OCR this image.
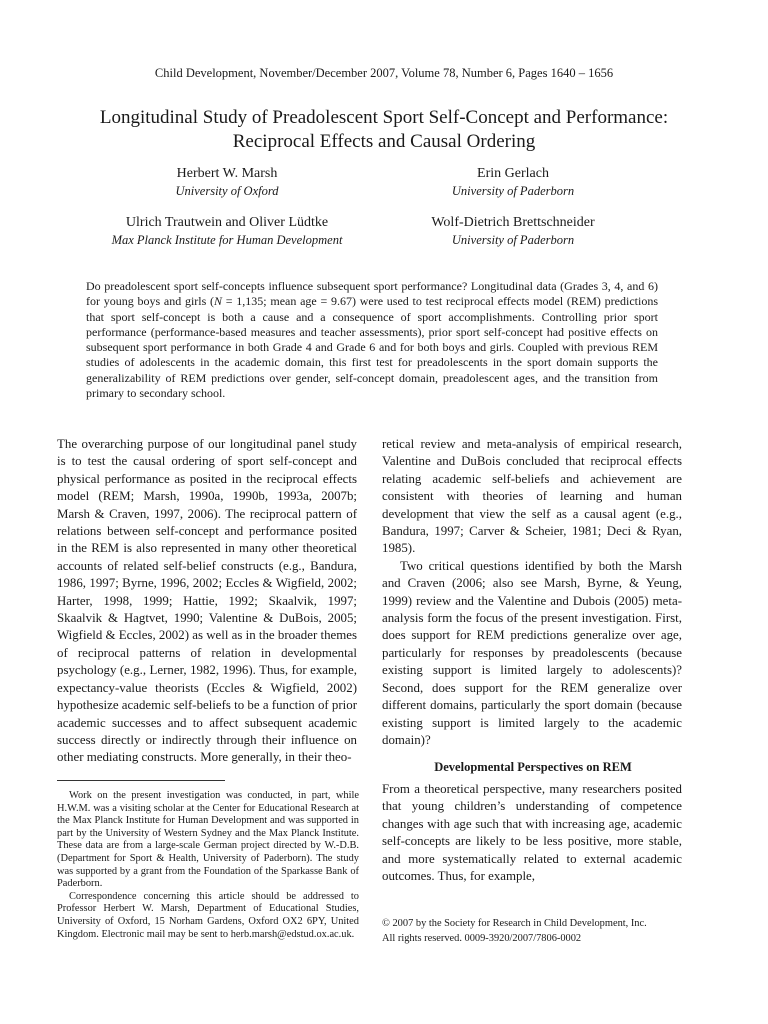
Child Development, November/December 2007, Volume 78, Number 6, Pages 1640 – 1656
Longitudinal Study of Preadolescent Sport Self-Concept and Performance:
Reciprocal Effects and Causal Ordering
Herbert W. Marsh
University of Oxford
Erin Gerlach
University of Paderborn
Ulrich Trautwein and Oliver Lüdtke
Max Planck Institute for Human Development
Wolf-Dietrich Brettschneider
University of Paderborn
Do preadolescent sport self-concepts influence subsequent sport performance? Longitudinal data (Grades 3, 4, and 6) for young boys and girls (N = 1,135; mean age = 9.67) were used to test reciprocal effects model (REM) predictions that sport self-concept is both a cause and a consequence of sport accomplishments. Controlling prior sport performance (performance-based measures and teacher assessments), prior sport self-concept had positive effects on subsequent sport performance in both Grade 4 and Grade 6 and for both boys and girls. Coupled with previous REM studies of adolescents in the academic domain, this first test for preadolescents in the sport domain supports the generalizability of REM predictions over gender, self-concept domain, preadolescent ages, and the transition from primary to secondary school.

The overarching purpose of our longitudinal panel study is to test the causal ordering of sport self-concept and physical performance as posited in the reciprocal effects model (REM; Marsh, 1990a, 1990b, 1993a, 2007b; Marsh & Craven, 1997, 2006). The reciprocal pattern of relations between self-concept and performance posited in the REM is also represented in many other theoretical accounts of related self-belief constructs (e.g., Bandura, 1986, 1997; Byrne, 1996, 2002; Eccles & Wigfield, 2002; Harter, 1998, 1999; Hattie, 1992; Skaalvik, 1997; Skaalvik & Hagtvet, 1990; Valentine & DuBois, 2005; Wigfield & Eccles, 2002) as well as in the broader themes of reciprocal patterns of relation in developmental psychology (e.g., Lerner, 1982, 1996). Thus, for example, expectancy-value theorists (Eccles & Wigfield, 2002) hypothesize academic self-beliefs to be a function of prior academic successes and to affect subsequent academic success directly or indirectly through their influence on other mediating constructs. More generally, in their theo-

retical review and meta-analysis of empirical research, Valentine and DuBois concluded that reciprocal effects relating academic self-beliefs and achievement are consistent with theories of learning and human development that view the self as a causal agent (e.g., Bandura, 1997; Carver & Scheier, 1981; Deci & Ryan, 1985).

Two critical questions identified by both the Marsh and Craven (2006; also see Marsh, Byrne, & Yeung, 1999) review and the Valentine and Dubois (2005) meta-analysis form the focus of the present investigation. First, does support for REM predictions generalize over age, particularly for responses by preadolescents (because existing support is limited largely to adolescents)? Second, does support for the REM generalize over different domains, particularly the sport domain (because existing support is limited largely to the academic domain)?

Developmental Perspectives on REM

From a theoretical perspective, many researchers posited that young children’s understanding of competence changes with age such that with increasing age, academic self-concepts are likely to be less positive, more stable, and more systematically related to external academic outcomes. Thus, for example,

Work on the present investigation was conducted, in part, while H.W.M. was a visiting scholar at the Center for Educational Research at the Max Planck Institute for Human Development and was supported in part by the University of Western Sydney and the Max Planck Institute. These data are from a large-scale German project directed by W.-D.B. (Department for Sport & Health, University of Paderborn). The study was supported by a grant from the Foundation of the Sparkasse Bank of Paderborn.

Correspondence concerning this article should be addressed to Professor Herbert W. Marsh, Department of Educational Studies, University of Oxford, 15 Norham Gardens, Oxford OX2 6PY, United Kingdom. Electronic mail may be sent to herb.marsh@edstud.ox.ac.uk.

© 2007 by the Society for Research in Child Development, Inc.
All rights reserved. 0009-3920/2007/7806-0002
